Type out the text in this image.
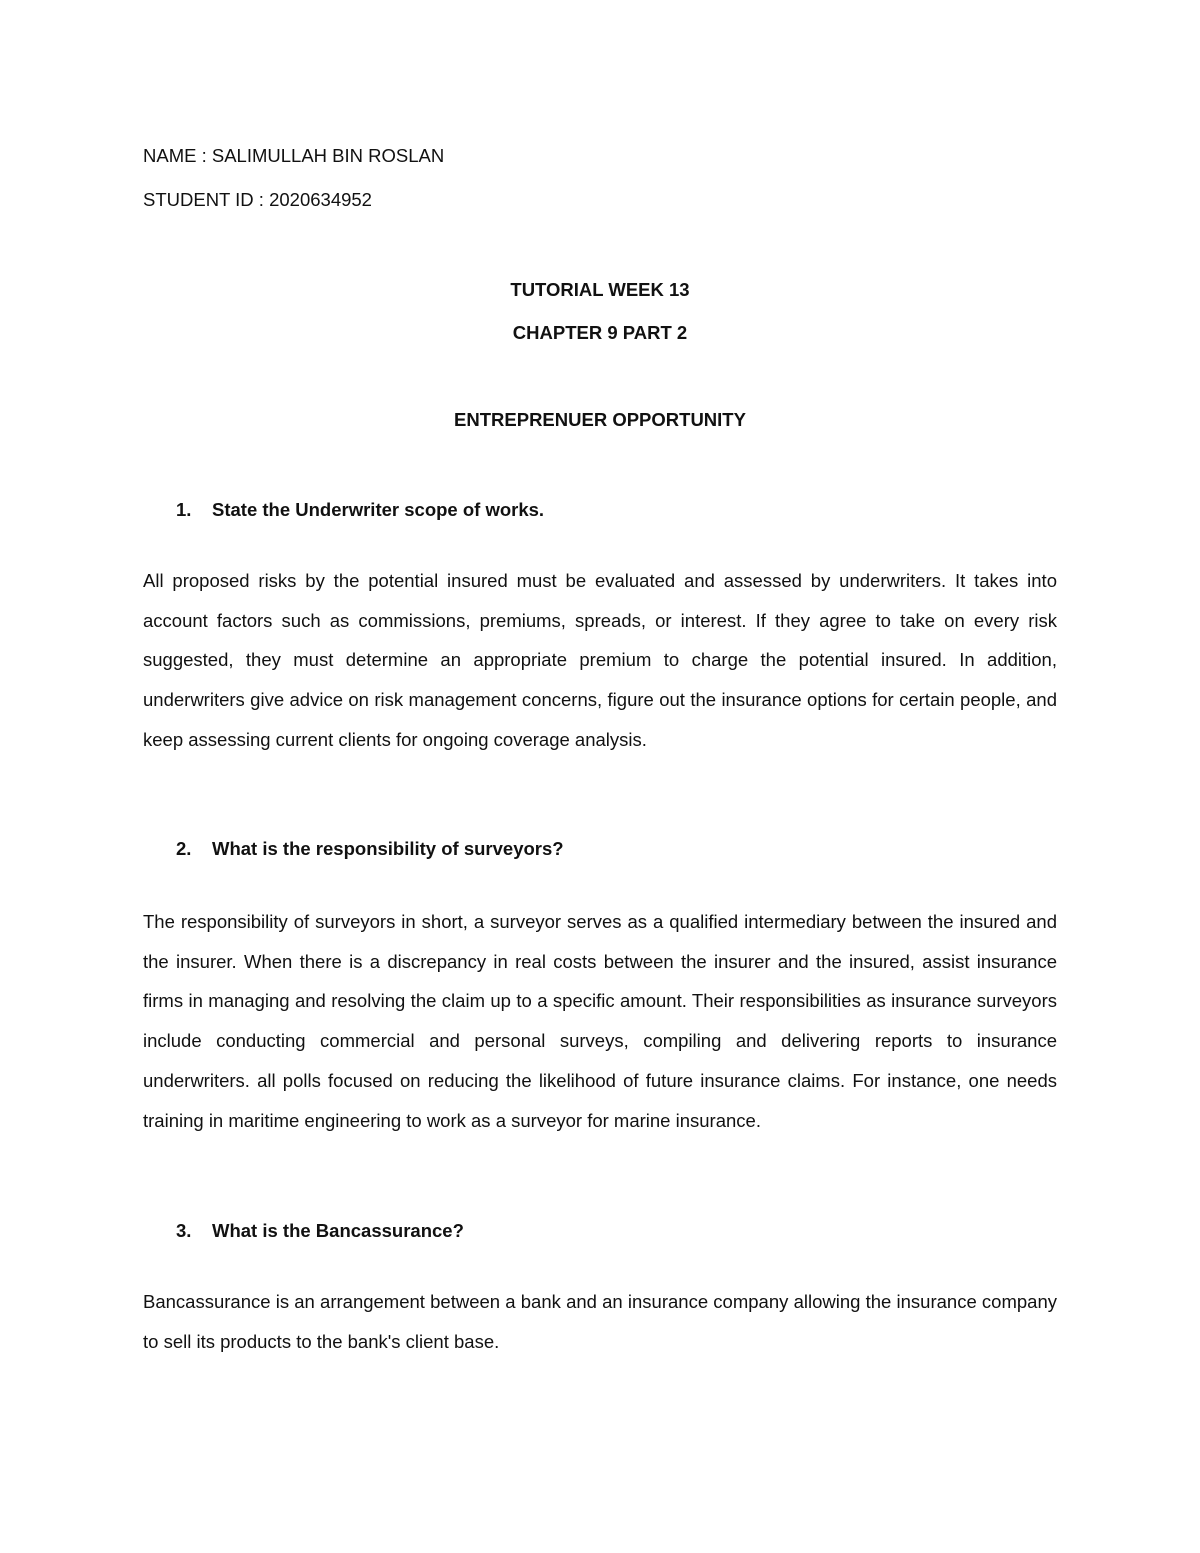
NAME : SALIMULLAH BIN ROSLAN

STUDENT ID : 2020634952

TUTORIAL WEEK 13

CHAPTER 9 PART 2

ENTREPRENUER OPPORTUNITY

1. State the Underwriter scope of works.

All proposed risks by the potential insured must be evaluated and assessed by underwriters. It takes into account factors such as commissions, premiums, spreads, or interest. If they agree to take on every risk suggested, they must determine an appropriate premium to charge the potential insured. In addition, underwriters give advice on risk management concerns, figure out the insurance options for certain people, and keep assessing current clients for ongoing coverage analysis.

2. What is the responsibility of surveyors?

The responsibility of surveyors in short, a surveyor serves as a qualified intermediary between the insured and the insurer. When there is a discrepancy in real costs between the insurer and the insured, assist insurance firms in managing and resolving the claim up to a specific amount. Their responsibilities as insurance surveyors include conducting commercial and personal surveys, compiling and delivering reports to insurance underwriters. all polls focused on reducing the likelihood of future insurance claims. For instance, one needs training in maritime engineering to work as a surveyor for marine insurance.

3. What is the Bancassurance?

Bancassurance is an arrangement between a bank and an insurance company allowing the insurance company to sell its products to the bank's client base.
